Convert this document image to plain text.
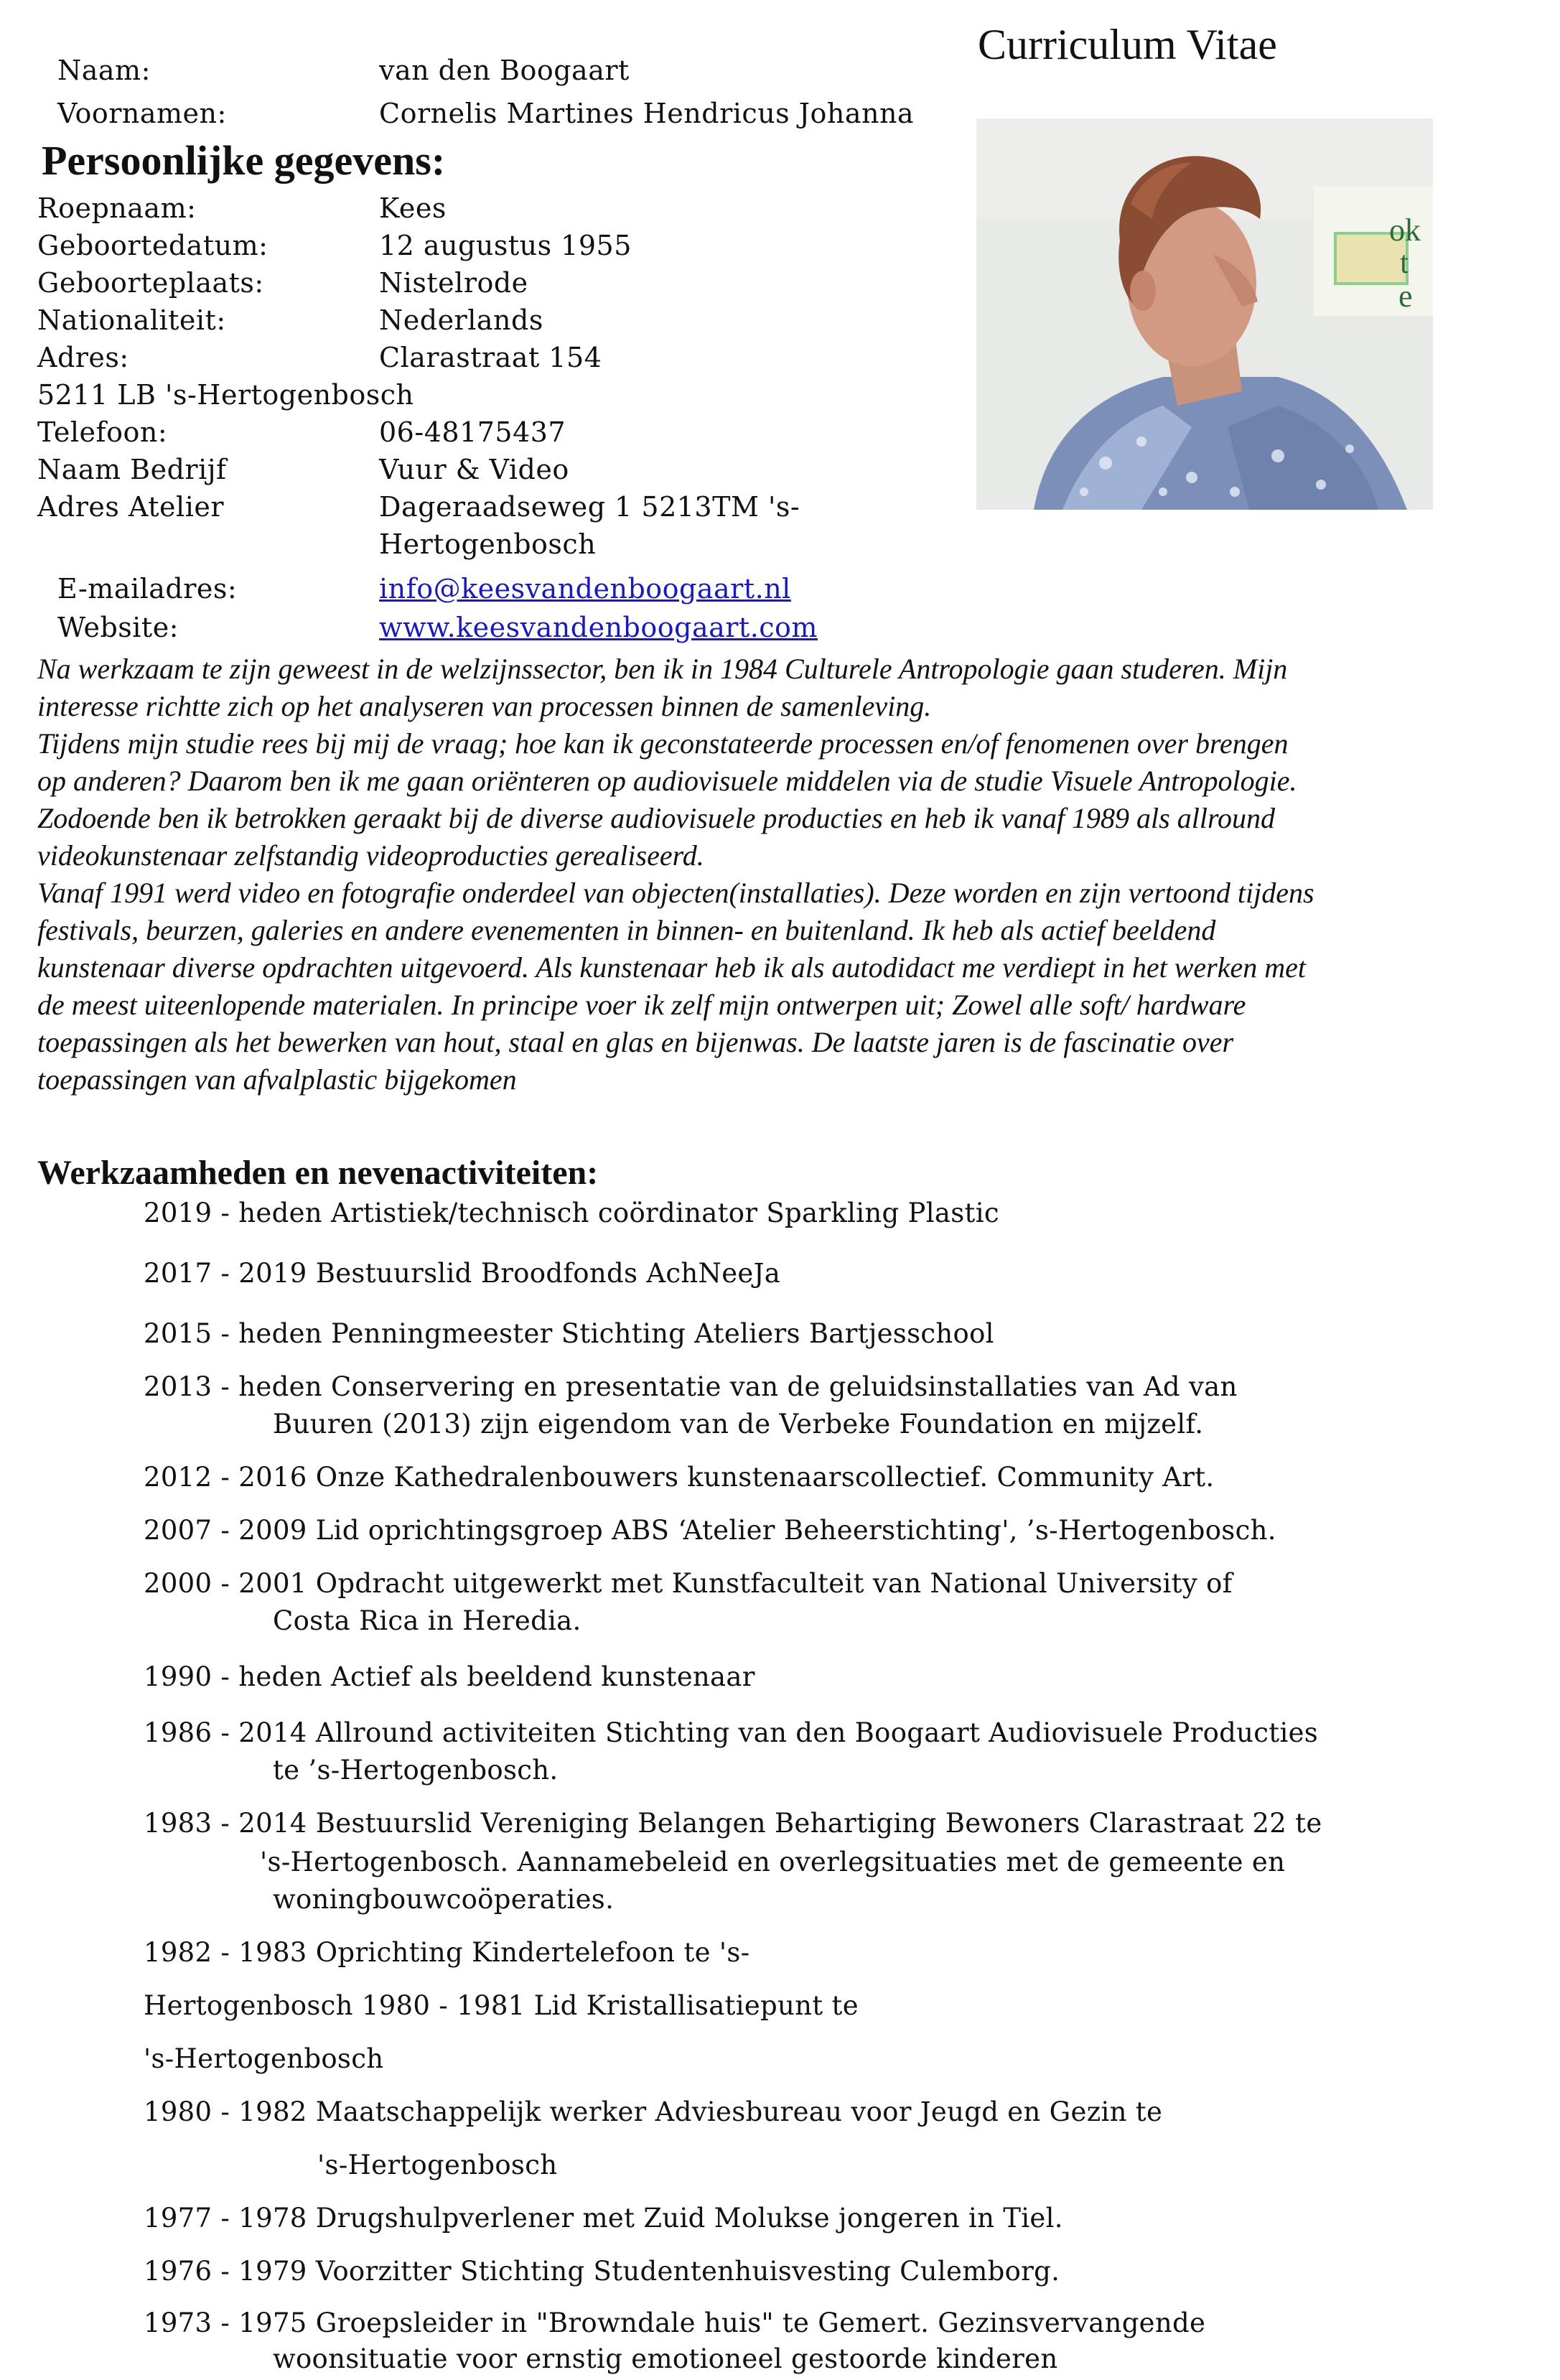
Curriculum Vitae
Naam:	van den Boogaart
Voornamen:	Cornelis Martines Hendricus Johanna
Persoonlijke gegevens:
Roepnaam:	Kees
Geboortedatum:	12 augustus 1955
Geboorteplaats:	Nistelrode
Nationaliteit:	Nederlands
Adres:	Clarastraat 154
5211 LB 's-Hertogenbosch
Telefoon:	06-48175437
Naam Bedrijf	Vuur & Video
Adres Atelier	Dageraadseweg 1 5213TM 's-
Hertogenbosch
E-mailadres:	info@keesvandenboogaart.nl
Website:	www.keesvandenboogaart.com
ok
t
e

Na werkzaam te zijn geweest in de welzijnssector, ben ik in 1984 Culturele Antropologie gaan studeren. Mijn

interesse richtte zich op het analyseren van processen binnen de samenleving.

Tijdens mijn studie rees bij mij de vraag; hoe kan ik geconstateerde processen en/of fenomenen over brengen

op anderen? Daarom ben ik me gaan oriënteren op audiovisuele middelen via de studie Visuele Antropologie.

Zodoende ben ik betrokken geraakt bij de diverse audiovisuele producties en heb ik vanaf 1989 als allround

videokunstenaar zelfstandig videoproducties gerealiseerd.

Vanaf 1991 werd video en fotografie onderdeel van objecten(installaties). Deze worden en zijn vertoond tijdens

festivals, beurzen, galeries en andere evenementen in binnen- en buitenland. Ik heb als actief beeldend

kunstenaar diverse opdrachten uitgevoerd. Als kunstenaar heb ik als autodidact me verdiept in het werken met

de meest uiteenlopende materialen. In principe voer ik zelf mijn ontwerpen uit; Zowel alle soft/ hardware

toepassingen als het bewerken van hout, staal en glas en bijenwas. De laatste jaren is de fascinatie over

toepassingen van afvalplastic bijgekomen

Werkzaamheden en nevenactiviteiten:
2019 - heden Artistiek/technisch coördinator Sparkling Plastic
2017 - 2019 Bestuurslid Broodfonds AchNeeJa
2015 - heden Penningmeester Stichting Ateliers Bartjesschool
2013 - heden Conservering en presentatie van de geluidsinstallaties van Ad van
Buuren (2013) zijn eigendom van de Verbeke Foundation en mijzelf.
2012 - 2016 Onze Kathedralenbouwers kunstenaarscollectief. Community Art.
2007 - 2009 Lid oprichtingsgroep ABS ‘Atelier Beheerstichting', ’s-Hertogenbosch.
2000 - 2001 Opdracht uitgewerkt met Kunstfaculteit van National University of
Costa Rica in Heredia.
1990 - heden Actief als beeldend kunstenaar
1986 - 2014 Allround activiteiten Stichting van den Boogaart Audiovisuele Producties
te ’s-Hertogenbosch.
1983 - 2014 Bestuurslid Vereniging Belangen Behartiging Bewoners Clarastraat 22 te
's-Hertogenbosch. Aannamebeleid en overlegsituaties met de gemeente en
woningbouwcoöperaties.
1982 - 1983 Oprichting Kindertelefoon te 's-
Hertogenbosch 1980 - 1981 Lid Kristallisatiepunt te
's-Hertogenbosch
1980 - 1982 Maatschappelijk werker Adviesbureau voor Jeugd en Gezin te
's-Hertogenbosch
1977 - 1978 Drugshulpverlener met Zuid Molukse jongeren in Tiel.
1976 - 1979 Voorzitter Stichting Studentenhuisvesting Culemborg.
1973 - 1975 Groepsleider in "Browndale huis" te Gemert. Gezinsvervangende
woonsituatie voor ernstig emotioneel gestoorde kinderen
